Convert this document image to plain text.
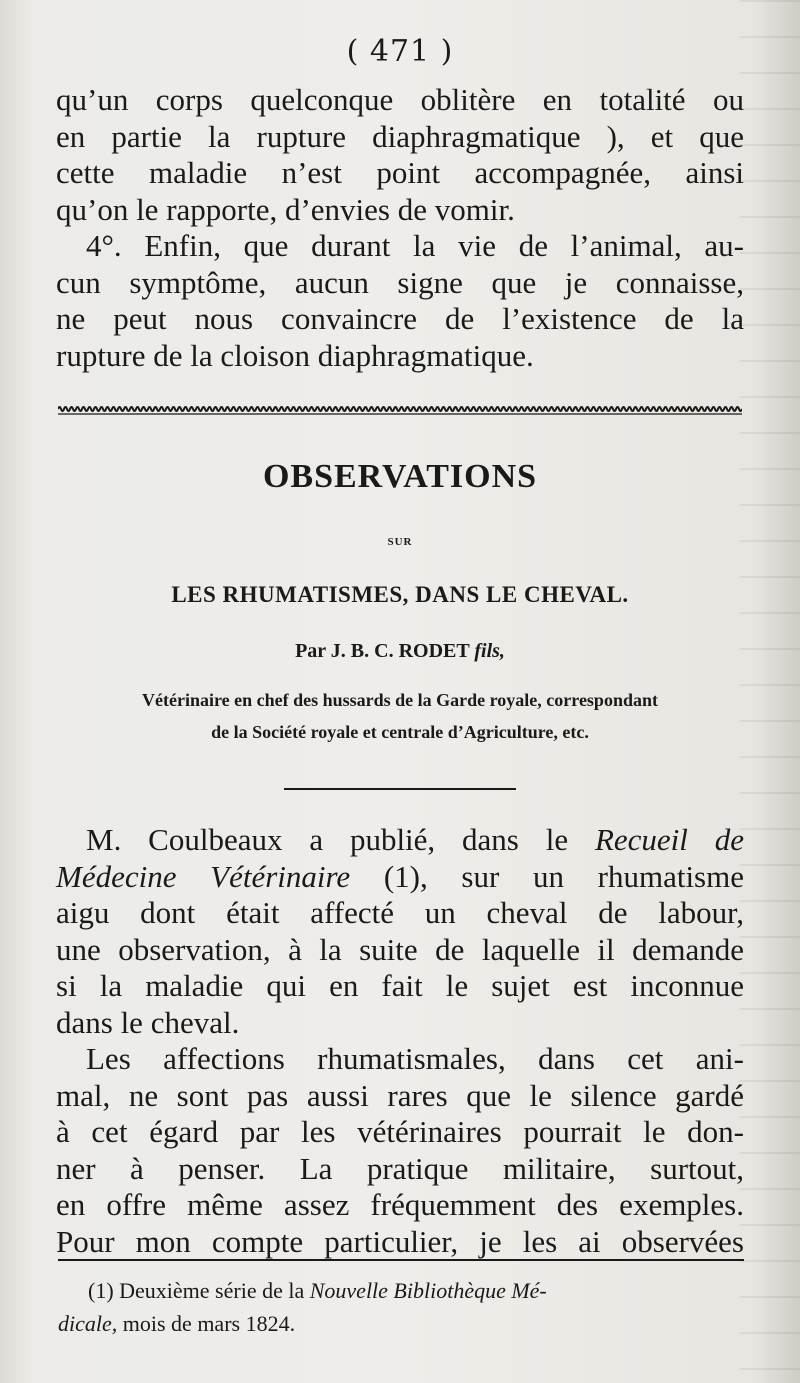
( 471 )
qu’un corps quelconque oblitère en totalité ou
en partie la rupture diaphragmatique ), et que
cette maladie n’est point accompagnée, ainsi
qu’on le rapporte, d’envies de vomir.
4°. Enfin, que durant la vie de l’animal, au-
cun symptôme, aucun signe que je connaisse,
ne peut nous convaincre de l’existence de la
rupture de la cloison diaphragmatique.
OBSERVATIONS
SUR
LES RHUMATISMES, DANS LE CHEVAL.
Par J. B. C. RODET fils,
Vétérinaire en chef des hussards de la Garde royale, correspondant
de la Société royale et centrale d’Agriculture, etc.
M. Coulbeaux a publié, dans le Recueil de
Médecine Vétérinaire (1), sur un rhumatisme
aigu dont était affecté un cheval de labour,
une observation, à la suite de laquelle il demande
si la maladie qui en fait le sujet est inconnue
dans le cheval.
Les affections rhumatismales, dans cet ani-
mal, ne sont pas aussi rares que le silence gardé
à cet égard par les vétérinaires pourrait le don-
ner à penser. La pratique militaire, surtout,
en offre même assez fréquemment des exemples.
Pour mon compte particulier, je les ai observées
(1) Deuxième série de la Nouvelle Bibliothèque Mé-
dicale, mois de mars 1824.
